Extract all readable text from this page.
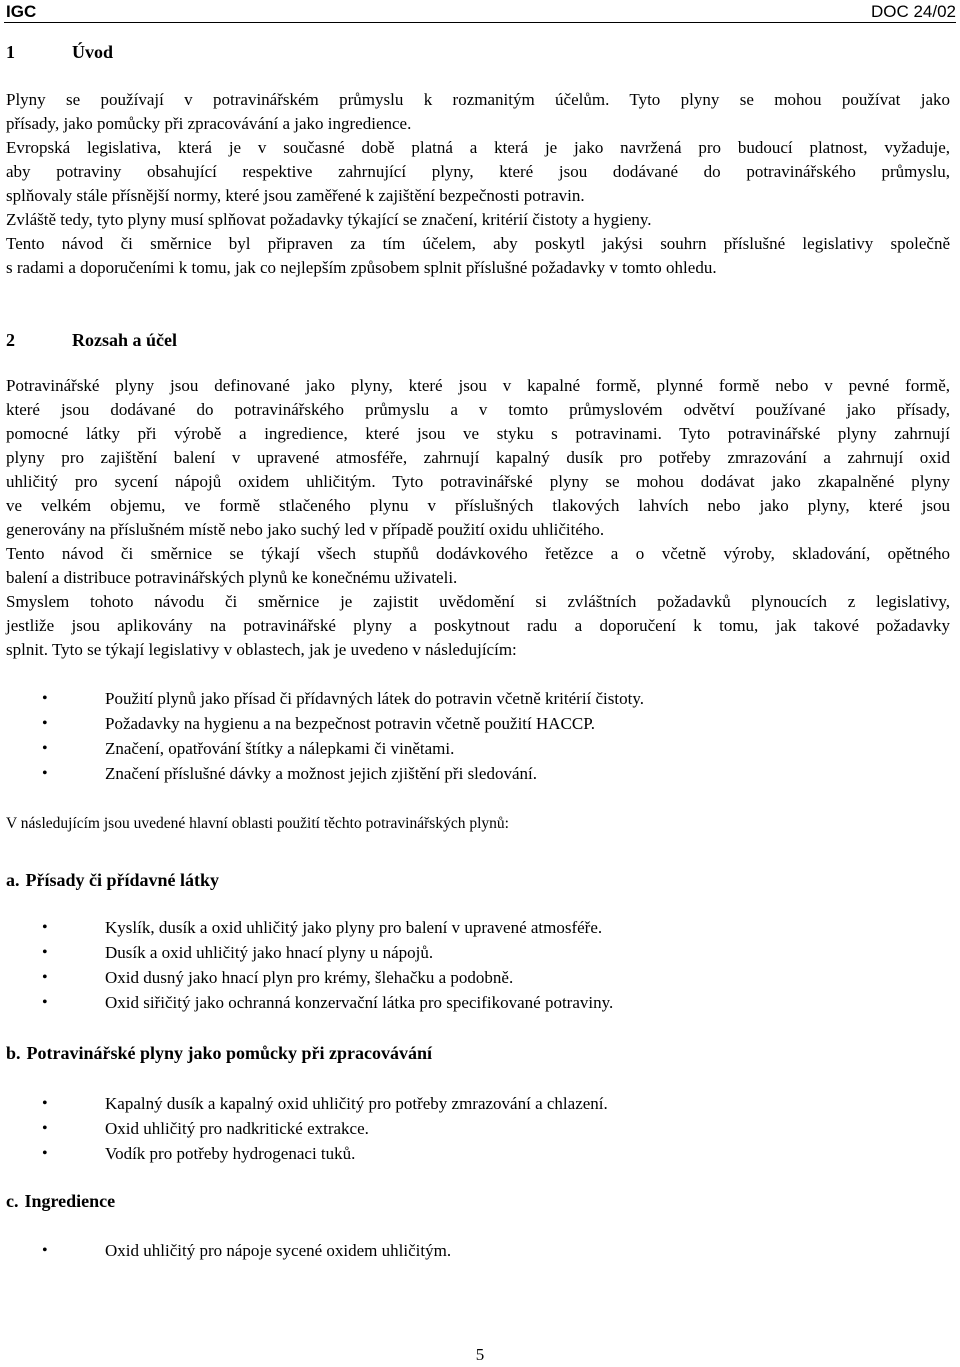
IGC	DOC 24/02
1	Úvod
Plyny se používají v potravinářském průmyslu k rozmanitým účelům. Tyto plyny se mohou používat jako
přísady, jako pomůcky při zpracovávání a jako ingredience.
Evropská legislativa, která je v současné době platná a která je jako navržená pro budoucí platnost, vyžaduje,
aby potraviny obsahující respektive zahrnující plyny, které jsou dodávané do potravinářského průmyslu,
splňovaly stále přísnější normy, které jsou zaměřené k zajištění bezpečnosti potravin.
Zvláště tedy, tyto plyny musí splňovat požadavky týkající se značení, kritérií čistoty a hygieny.
Tento návod či směrnice byl připraven za tím účelem, aby poskytl jakýsi souhrn příslušné legislativy společně
s radami a doporučeními k tomu, jak co nejlepším způsobem splnit příslušné požadavky v tomto ohledu.
2	Rozsah a účel
Potravinářské plyny jsou definované jako plyny, které jsou v kapalné formě, plynné formě nebo v pevné formě,
které jsou dodávané do potravinářského průmyslu a v tomto průmyslovém odvětví používané jako přísady,
pomocné látky při výrobě a ingredience, které jsou ve styku s potravinami. Tyto potravinářské plyny zahrnují
plyny pro zajištění balení v upravené atmosféře, zahrnují kapalný dusík pro potřeby zmrazování a zahrnují oxid
uhličitý pro sycení nápojů oxidem uhličitým. Tyto potravinářské plyny se mohou dodávat jako zkapalněné plyny
ve velkém objemu, ve formě stlačeného plynu v příslušných tlakových lahvích nebo jako plyny, které jsou
generovány na příslušném místě nebo jako suchý led v případě použití oxidu uhličitého.
Tento návod či směrnice se týkají všech stupňů dodávkového řetězce a o včetně výroby, skladování, opětného
balení a distribuce potravinářských plynů ke konečnému uživateli.
Smyslem tohoto návodu či směrnice je zajistit uvědomění si zvláštních požadavků plynoucích z legislativy,
jestliže jsou aplikovány na potravinářské plyny a poskytnout radu a doporučení k tomu, jak takové požadavky
splnit. Tyto se týkají legislativy v oblastech, jak je uvedeno v následujícím:
•	Použití plynů jako přísad či přídavných látek do potravin včetně kritérií čistoty.
•	Požadavky na hygienu a na bezpečnost potravin včetně použití HACCP.
•	Značení, opatřování štítky a nálepkami či vinětami.
•	Značení příslušné dávky a možnost jejich zjištění při sledování.
V následujícím jsou uvedené hlavní oblasti použití těchto potravinářských plynů:
a. Přísady či přídavné látky
•	Kyslík, dusík a oxid uhličitý jako plyny pro balení v upravené atmosféře.
•	Dusík a oxid uhličitý jako hnací plyny u nápojů.
•	Oxid dusný jako hnací plyn pro krémy, šlehačku a podobně.
•	Oxid siřičitý jako ochranná konzervační látka pro specifikované potraviny.
b. Potravinářské plyny jako pomůcky při zpracovávání
•	Kapalný dusík a kapalný oxid uhličitý pro potřeby zmrazování a chlazení.
•	Oxid uhličitý pro nadkritické extrakce.
•	Vodík pro potřeby hydrogenaci tuků.
c. Ingredience
•	Oxid uhličitý pro nápoje sycené oxidem uhličitým.
5
